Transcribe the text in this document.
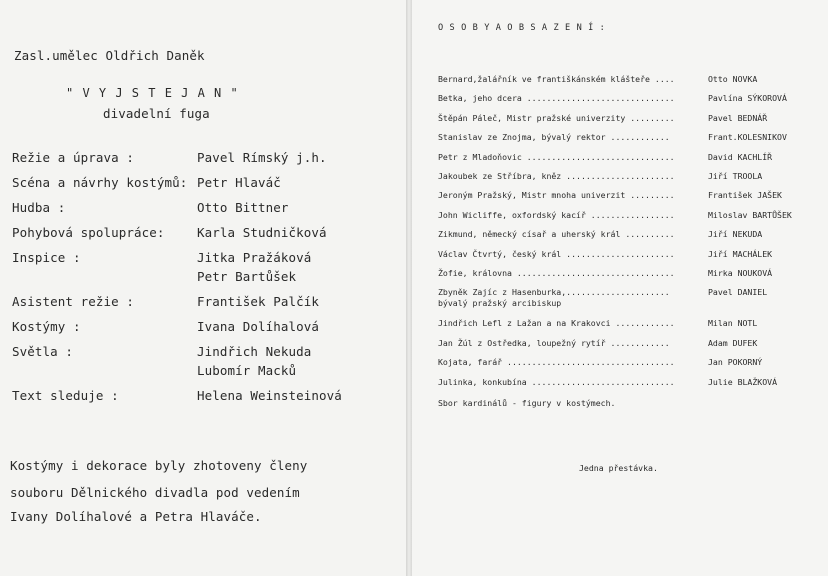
Zasl.umělec Oldřich Daněk
" V Y J S T E J A N "
divadelní fuga
Režie a úprava :	Pavel Rímský j.h.
Scéna a návrhy kostýmů: Petr Hlaváč
Hudba :	Otto Bittner
Pohybová spolupráce:	Karla Studničková
Inspice :	Jitka Pražáková
Petr Bartůšek
Asistent režie :	František Palčík
Kostýmy :	Ivana Dolíhalová
Světla :	Jindřich Nekuda
Lubomír Macků
Text sleduje :	Helena Weinsteinová
Kostýmy i dekorace byly zhotoveny členy
souboru Dělnického divadla pod vedením
Ivany Dolíhalové a Petra Hlaváče.
O S O B Y A O B S A Z E N Í :
Bernard,žalářník ve františkánském klášteře ....	Otto NOVKA
Betka, jeho dcera ..............................	Pavlína SÝKOROVÁ
Štěpán Páleč, Mistr pražské univerzity .........	Pavel BEDNÁŘ
Stanislav ze Znojma, bývalý rektor ............	Frant.KOLESNIKOV
Petr z Mladoňovic ..............................	David KACHLÍŘ
Jakoubek ze Stříbra, kněz ......................	Jiří TROOLA
Jeroným Pražský, Mistr mnoha univerzit .........	František JAŠEK
John Wicliffe, oxfordský kacíř .................	Miloslav BARTŮŠEK
Zikmund, německý císař a uherský král ..........	Jiří NEKUDA
Václav Čtvrtý, český král ......................	Jiří MACHÁLEK
Žofie, královna ................................	Mirka NOUKOVÁ
Zbyněk Zajíc z Hasenburka,.....................	Pavel DANIEL
bývalý pražský arcibiskup
Jindřich Lefl z Lažan a na Krakovci ............	Milan NOTL
Jan Žúl z Ostředka, loupežný rytíř ............	Adam DUFEK
Kojata, farář ..................................	Jan POKORNÝ
Julinka, konkubína .............................	Julie BLAŽKOVÁ
Sbor kardinálů - figury v kostýmech.
Jedna přestávka.
